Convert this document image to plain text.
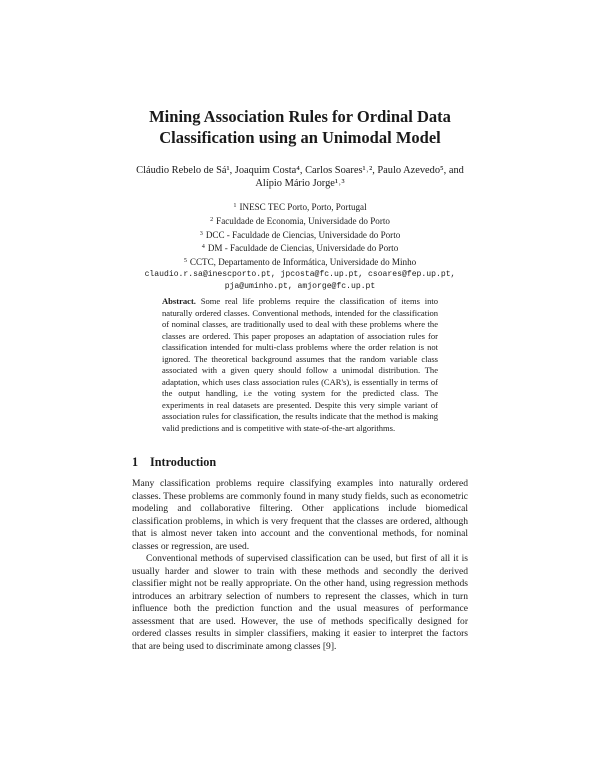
Mining Association Rules for Ordinal Data
Classification using an Unimodal Model
Cláudio Rebelo de Sá¹, Joaquim Costa⁴, Carlos Soares¹˒², Paulo Azevedo⁵, and
Alípio Mário Jorge¹˒³
$^1$ INESC TEC Porto, Porto, Portugal
$^2$ Faculdade de Economia, Universidade do Porto
$^3$ DCC - Faculdade de Ciencias, Universidade do Porto
$^4$ DM - Faculdade de Ciencias, Universidade do Porto
$^5$ CCTC, Departamento de Informática, Universidade do Minho
claudio.r.sa@inescporto.pt, jpcosta@fc.up.pt, csoares@fep.up.pt,
pja@uminho.pt, amjorge@fc.up.pt
Abstract. Some real life problems require the classification of items into naturally ordered classes. Conventional methods, intended for the classification of nominal classes, are traditionally used to deal with these problems where the classes are ordered. This paper proposes an adaptation of association rules for classification intended for multi-class problems where the order relation is not ignored. The theoretical background assumes that the random variable class associated with a given query should follow a unimodal distribution. The adaptation, which uses class association rules (CAR's), is essentially in terms of the output handling, i.e the voting system for the predicted class. The experiments in real datasets are presented. Despite this very simple variant of association rules for classification, the results indicate that the method is making valid predictions and is competitive with state-of-the-art algorithms.
1 Introduction

Many classification problems require classifying examples into naturally ordered classes. These problems are commonly found in many study fields, such as econometric modeling and collaborative filtering. Other applications include biomedical classification problems, in which is very frequent that the classes are ordered, although that is almost never taken into account and the conventional methods, for nominal classes or regression, are used.

Conventional methods of supervised classification can be used, but first of all it is usually harder and slower to train with these methods and secondly the derived classifier might not be really appropriate. On the other hand, using regression methods introduces an arbitrary selection of numbers to represent the classes, which in turn influence both the prediction function and the usual measures of performance assessment that are used. However, the use of methods specifically designed for ordered classes results in simpler classifiers, making it easier to interpret the factors that are being used to discriminate among classes [9].
